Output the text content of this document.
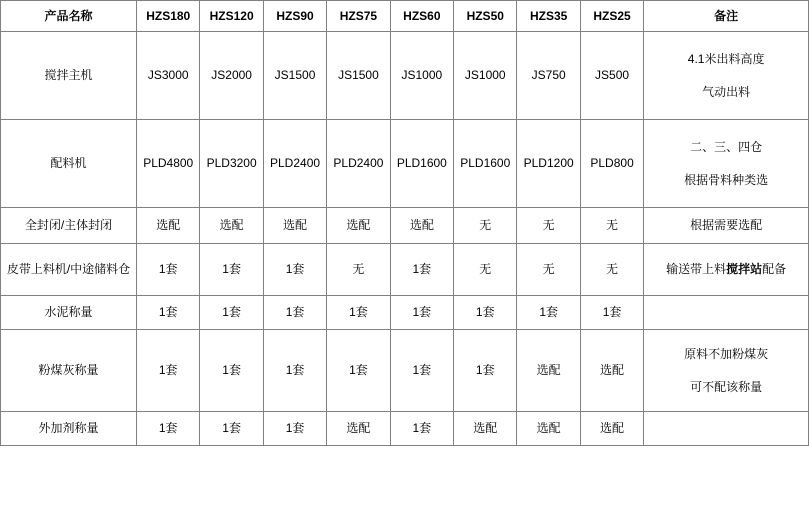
产品名称	HZS180	HZS120	HZS90	HZS75	HZS60	HZS50	HZS35	HZS25	备注
搅拌主机	JS3000	JS2000	JS1500	JS1500	JS1000	JS1000	JS750	JS500	4.1米出料高度
气动出料

配料机	PLD4800	PLD3200	PLD2400	PLD2400	PLD1600	PLD1600	PLD1200	PLD800	二、三、四仓
根据骨料种类选

全封闭/主体封闭	选配	选配	选配	选配	选配	无	无	无	根据需要选配
皮带上料机/中途储料仓	1套	1套	1套	无	1套	无	无	无	输送带上料搅拌站配备
水泥称量	1套	1套	1套	1套	1套	1套	1套	1套	
粉煤灰称量	1套	1套	1套	1套	1套	1套	选配	选配	原料不加粉煤灰
可不配该称量

外加剂称量	1套	1套	1套	选配	1套	选配	选配	选配	
